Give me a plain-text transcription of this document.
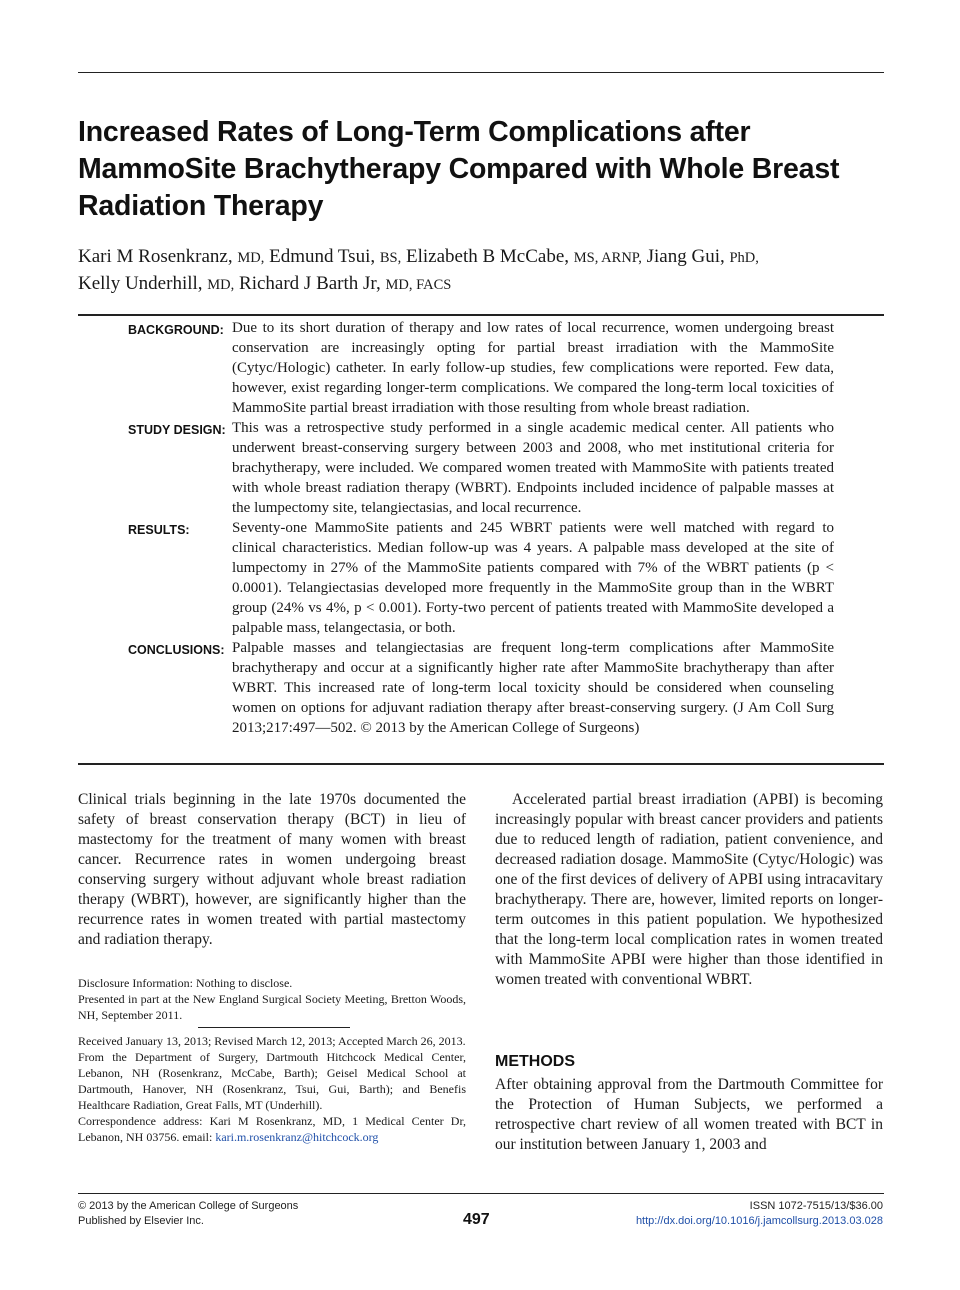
Increased Rates of Long-Term Complications after MammoSite Brachytherapy Compared with Whole Breast Radiation Therapy
Kari M Rosenkranz, MD, Edmund Tsui, BS, Elizabeth B McCabe, MS, ARNP, Jiang Gui, PhD,
Kelly Underhill, MD, Richard J Barth Jr, MD, FACS
BACKGROUND: Due to its short duration of therapy and low rates of local recurrence, women undergoing breast conservation are increasingly opting for partial breast irradiation with the MammoSite (Cytyc/Hologic) catheter. In early follow-up studies, few complications were reported. Few data, however, exist regarding longer-term complications. We compared the long-term local toxicities of MammoSite partial breast irradiation with those resulting from whole breast radiation.
STUDY DESIGN: This was a retrospective study performed in a single academic medical center. All patients who underwent breast-conserving surgery between 2003 and 2008, who met institutional criteria for brachytherapy, were included. We compared women treated with MammoSite with patients treated with whole breast radiation therapy (WBRT). Endpoints included incidence of palpable masses at the lumpectomy site, telangiectasias, and local recurrence.
RESULTS:	Seventy-one MammoSite patients and 245 WBRT patients were well matched with regard to clinical characteristics. Median follow-up was 4 years. A palpable mass developed at the site of lumpectomy in 27% of the MammoSite patients compared with 7% of the WBRT patients (p < 0.0001). Telangiectasias developed more frequently in the MammoSite group than in the WBRT group (24% vs 4%, p < 0.001). Forty-two percent of patients treated with MammoSite developed a palpable mass, telangectasia, or both.
CONCLUSIONS: Palpable masses and telangiectasias are frequent long-term complications after MammoSite brachytherapy and occur at a significantly higher rate after MammoSite brachytherapy than after WBRT. This increased rate of long-term local toxicity should be considered when counseling women on options for adjuvant radiation therapy after breast-conserving surgery. (J Am Coll Surg 2013;217:497—502. © 2013 by the American College of Surgeons)

Clinical trials beginning in the late 1970s documented the safety of breast conservation therapy (BCT) in lieu of mastectomy for the treatment of many women with breast cancer. Recurrence rates in women undergoing breast conserving surgery without adjuvant whole breast radiation therapy (WBRT), however, are significantly higher than the recurrence rates in women treated with partial mastectomy and radiation therapy.

Accelerated partial breast irradiation (APBI) is becoming increasingly popular with breast cancer providers and patients due to reduced length of radiation, patient convenience, and decreased radiation dosage. MammoSite (Cytyc/Hologic) was one of the first devices of delivery of APBI using intracavitary brachytherapy. There are, however, limited reports on longer-term outcomes in this patient population. We hypothesized that the long-term local complication rates in women treated with MammoSite APBI were higher than those identified in women treated with conventional WBRT.

Disclosure Information: Nothing to disclose.

Presented in part at the New England Surgical Society Meeting, Bretton Woods, NH, September 2011.

Received January 13, 2013; Revised March 12, 2013; Accepted March 26, 2013.

From the Department of Surgery, Dartmouth Hitchcock Medical Center, Lebanon, NH (Rosenkranz, McCabe, Barth); Geisel Medical School at Dartmouth, Hanover, NH (Rosenkranz, Tsui, Gui, Barth); and Benefis Healthcare Radiation, Great Falls, MT (Underhill).

Correspondence address: Kari M Rosenkranz, MD, 1 Medical Center Dr, Lebanon, NH 03756. email: kari.m.rosenkranz@hitchcock.org

METHODS

After obtaining approval from the Dartmouth Committee for the Protection of Human Subjects, we performed a retrospective chart review of all women treated with BCT in our institution between January 1, 2003 and

© 2013 by the American College of Surgeons
Published by Elsevier Inc.	497
ISSN 1072-7515/13/$36.00
http://dx.doi.org/10.1016/j.jamcollsurg.2013.03.028
